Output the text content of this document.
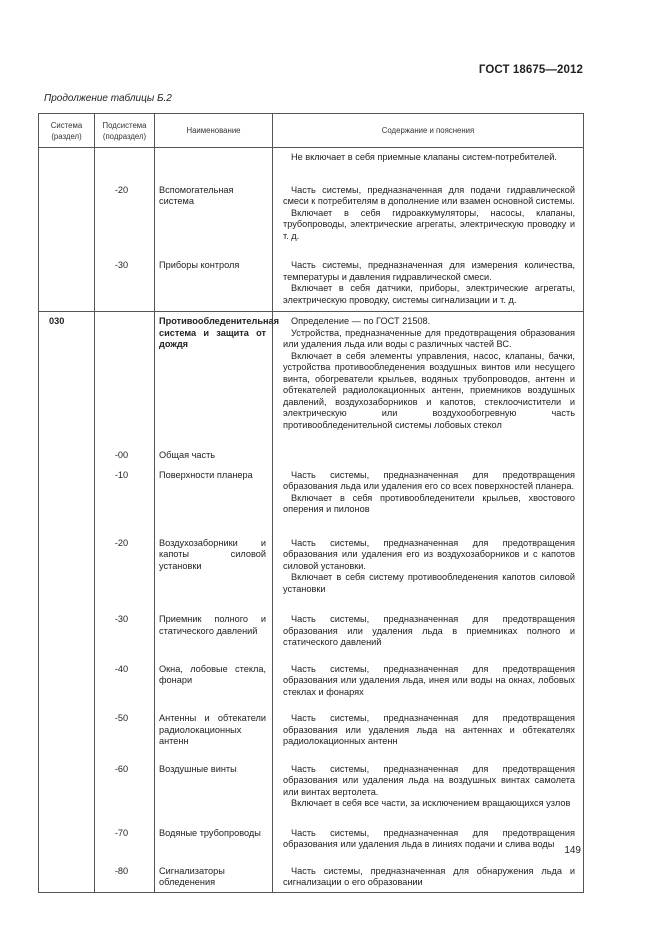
ГОСТ 18675—2012
Продолжение таблицы Б.2
Система (раздел)	Подсистема (подраздел)	Наименование	Содержание и пояснения

			Не включает в себя приемные клапаны систем-потребителей.

	-20	Вспомогательная система	Часть системы, предназначенная для подачи гидравлической смеси к потребителям в дополнение или взамен основной системы.

Включает в себя гидроаккумуляторы, насосы, клапаны, трубопроводы, электрические агрегаты, электрическую проводку и т. д.

	-30	Приборы контроля	Часть системы, предназначенная для измерения количества, температуры и давления гидравлической смеси.

Включает в себя датчики, приборы, электрические агрегаты, электрическую проводку, системы сигнализации и т. д.

030		Противообледенительная система и защита от дождя	Определение — по ГОСТ 21508.

Устройства, предназначенные для предотвращения образования или удаления льда или воды с различных частей ВС.

Включает в себя элементы управления, насос, клапаны, бачки, устройства противообледенения воздушных винтов или несущего винта, обогреватели крыльев, водяных трубопроводов, антенн и обтекателей радиолокационных антенн, приемников воздушных давлений, воздухозаборников и капотов, стеклоочистители и электрическую или воздухообогревную часть противообледенительной системы лобовых стекол

	-00	Общая часть	

	-10	Поверхности планера	Часть системы, предназначенная для предотвращения образования льда или удаления его со всех поверхностей планера.

Включает в себя противообледенители крыльев, хвостового оперения и пилонов

	-20	Воздухозаборники и капоты силовой установки	Часть системы, предназначенная для предотвращения образования или удаления его из воздухозаборников и с капотов силовой установки.

Включает в себя систему противообледенения капотов силовой установки

	-30	Приемник полного и статического давлений	Часть системы, предназначенная для предотвращения образования или удаления льда в приемниках полного и статического давлений

	-40	Окна, лобовые стекла, фонари	Часть системы, предназначенная для предотвращения образования или удаления льда, инея или воды на окнах, лобовых стеклах и фонарях

	-50	Антенны и обтекатели радиолокационных антенн	Часть системы, предназначенная для предотвращения образования или удаления льда на антеннах и обтекателях радиолокационных антенн

	-60	Воздушные винты	Часть системы, предназначенная для предотвращения образования или удаления льда на воздушных винтах самолета или винтах вертолета.

Включает в себя все части, за исключением вращающихся узлов

	-70	Водяные трубопроводы	Часть системы, предназначенная для предотвращения образования или удаления льда в линиях подачи и слива воды

	-80	Сигнализаторы обледенения	Часть системы, предназначенная для обнаружения льда и сигнализации о его образовании

149
